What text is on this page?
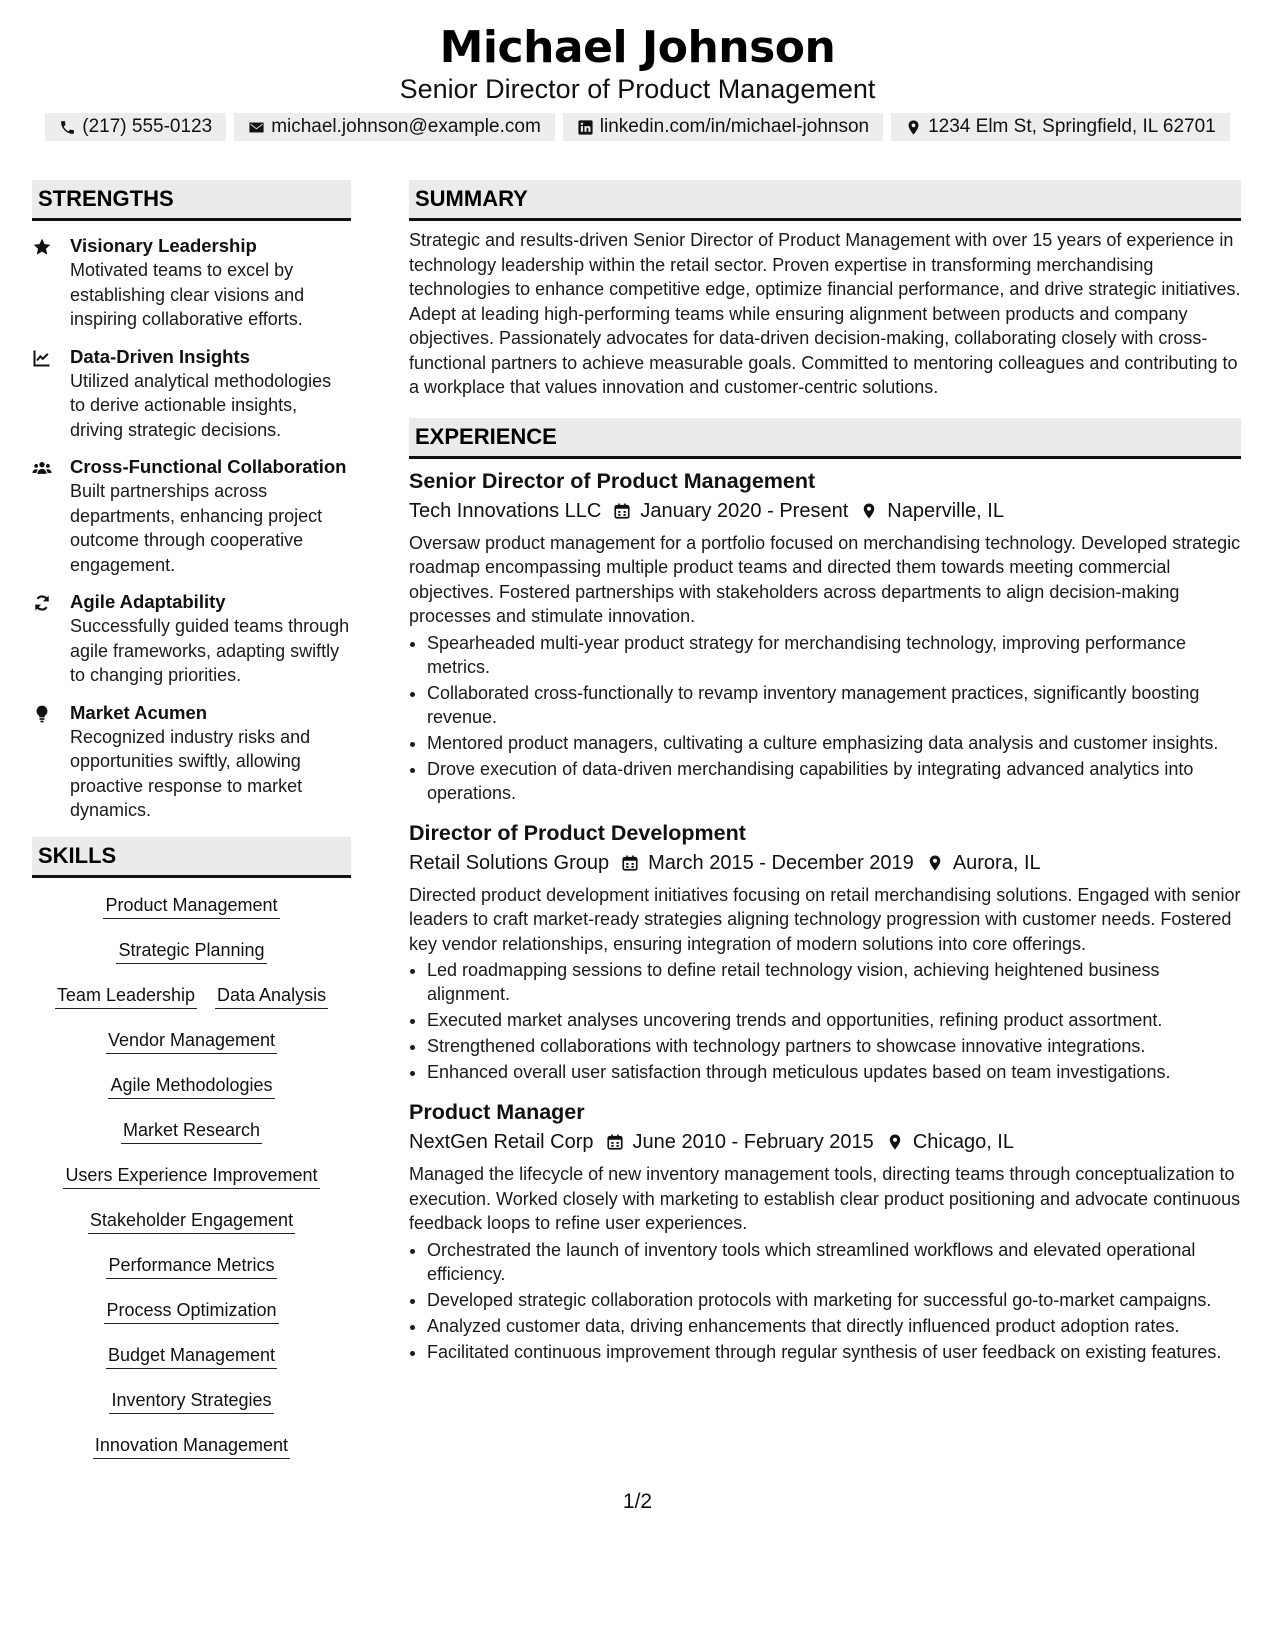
Michael Johnson
Senior Director of Product Management
(217) 555-0123	michael.johnson@example.com	linkedin.com/in/michael-johnson	1234 Elm St, Springfield, IL 62701
STRENGTHS
Visionary Leadership
Motivated teams to excel by establishing clear visions and inspiring collaborative efforts.
Data-Driven Insights
Utilized analytical methodologies to derive actionable insights, driving strategic decisions.
Cross-Functional Collaboration
Built partnerships across departments, enhancing project outcome through cooperative engagement.
Agile Adaptability
Successfully guided teams through agile frameworks, adapting swiftly to changing priorities.
Market Acumen
Recognized industry risks and opportunities swiftly, allowing proactive response to market dynamics.
SKILLS
Product Management
Strategic Planning
Team Leadership Data Analysis
Vendor Management
Agile Methodologies
Market Research
Users Experience Improvement
Stakeholder Engagement
Performance Metrics
Process Optimization
Budget Management
Inventory Strategies
Innovation Management
SUMMARY
Strategic and results-driven Senior Director of Product Management with over 15 years of experience in technology leadership within the retail sector. Proven expertise in transforming merchandising technologies to enhance competitive edge, optimize financial performance, and drive strategic initiatives. Adept at leading high-performing teams while ensuring alignment between products and company objectives. Passionately advocates for data-driven decision-making, collaborating closely with cross-functional partners to achieve measurable goals. Committed to mentoring colleagues and contributing to a workplace that values innovation and customer-centric solutions.
EXPERIENCE
Senior Director of Product Management
Tech Innovations LLC January 2020 - Present Naperville, IL
Oversaw product management for a portfolio focused on merchandising technology. Developed strategic roadmap encompassing multiple product teams and directed them towards meeting commercial objectives. Fostered partnerships with stakeholders across departments to align decision-making processes and stimulate innovation.
• Spearheaded multi-year product strategy for merchandising technology, improving performance metrics.
• Collaborated cross-functionally to revamp inventory management practices, significantly boosting revenue.
• Mentored product managers, cultivating a culture emphasizing data analysis and customer insights.
• Drove execution of data-driven merchandising capabilities by integrating advanced analytics into operations.
Director of Product Development
Retail Solutions Group March 2015 - December 2019 Aurora, IL
Directed product development initiatives focusing on retail merchandising solutions. Engaged with senior leaders to craft market-ready strategies aligning technology progression with customer needs. Fostered key vendor relationships, ensuring integration of modern solutions into core offerings.
• Led roadmapping sessions to define retail technology vision, achieving heightened business alignment.
• Executed market analyses uncovering trends and opportunities, refining product assortment.
• Strengthened collaborations with technology partners to showcase innovative integrations.
• Enhanced overall user satisfaction through meticulous updates based on team investigations.
Product Manager
NextGen Retail Corp June 2010 - February 2015 Chicago, IL
Managed the lifecycle of new inventory management tools, directing teams through conceptualization to execution. Worked closely with marketing to establish clear product positioning and advocate continuous feedback loops to refine user experiences.
• Orchestrated the launch of inventory tools which streamlined workflows and elevated operational efficiency.
• Developed strategic collaboration protocols with marketing for successful go-to-market campaigns.
• Analyzed customer data, driving enhancements that directly influenced product adoption rates.
• Facilitated continuous improvement through regular synthesis of user feedback on existing features.
1/2
